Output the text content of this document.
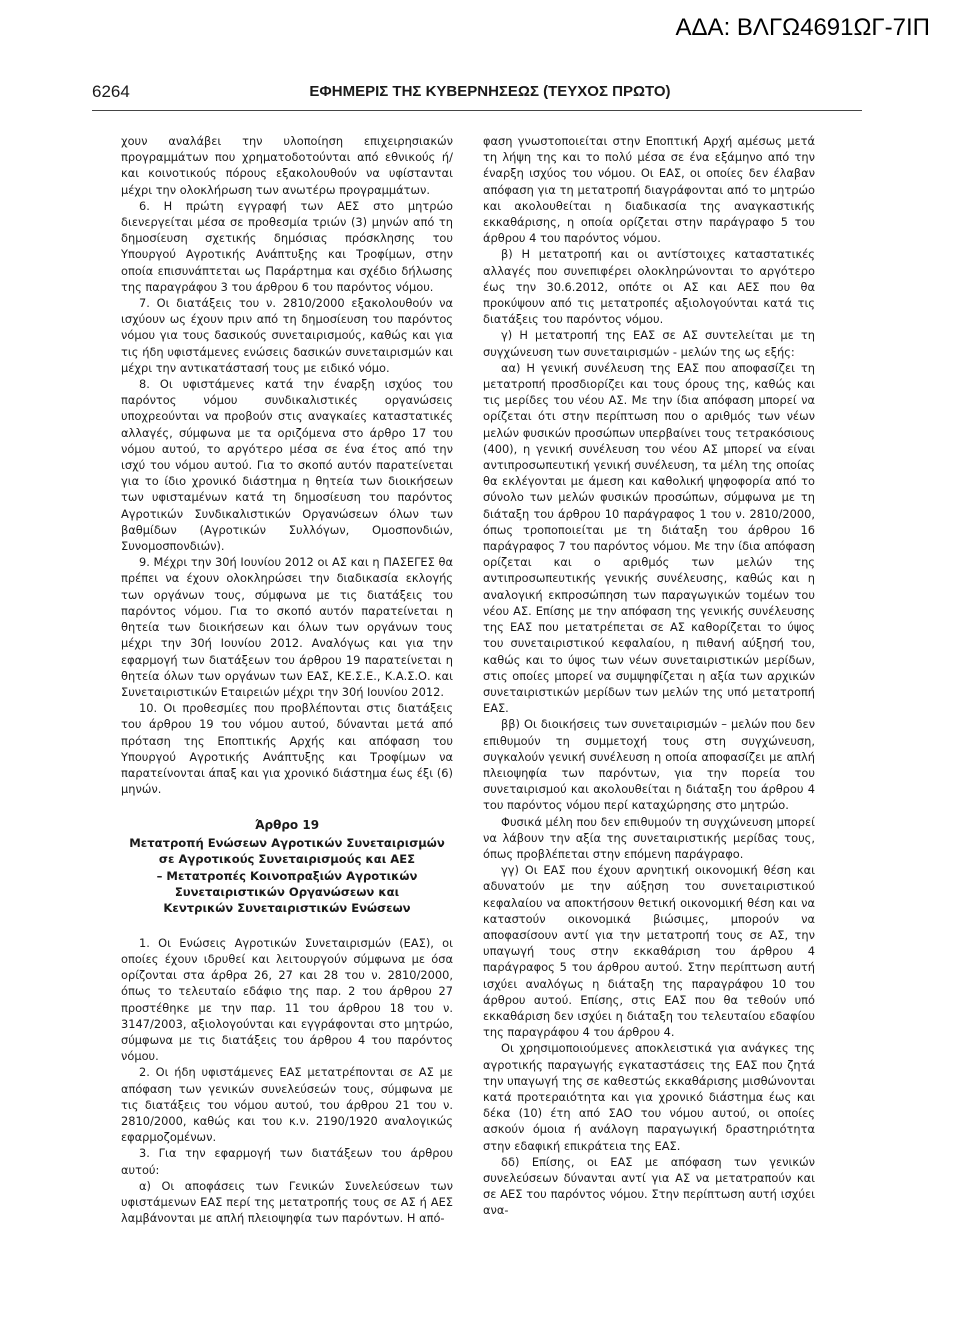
ΑΔΑ: ΒΛΓΩ4691ΩΓ-7ΙΠ
6264	ΕΦΗΜΕΡΙΣ ΤΗΣ ΚΥΒΕΡΝΗΣΕΩΣ (ΤΕΥΧΟΣ ΠΡΩΤΟ)

χουν αναλάβει την υλοποίηση επιχειρησιακών προγραμμάτων που χρηματοδοτούνται από εθνικούς ή/και κοινοτικούς πόρους εξακολουθούν να υφίστανται μέχρι την ολοκλήρωση των ανωτέρω προγραμμάτων.

6. Η πρώτη εγγραφή των ΑΕΣ στο μητρώο διενεργείται μέσα σε προθεσμία τριών (3) μηνών από τη δημοσίευση σχετικής δημόσιας πρόσκλησης του Υπουργού Αγροτικής Ανάπτυξης και Τροφίμων, στην οποία επισυνάπτεται ως Παράρτημα και σχέδιο δήλωσης της παραγράφου 3 του άρθρου 6 του παρόντος νόμου.

7. Οι διατάξεις του ν. 2810/2000 εξακολουθούν να ισχύουν ως έχουν πριν από τη δημοσίευση του παρόντος νόμου για τους δασικούς συνεταιρισμούς, καθώς και για τις ήδη υφιστάμενες ενώσεις δασικών συνεταιρισμών και μέχρι την αντικατάστασή τους με ειδικό νόμο.

8. Οι υφιστάμενες κατά την έναρξη ισχύος του παρόντος νόμου συνδικαλιστικές οργανώσεις υποχρεούνται να προβούν στις αναγκαίες καταστατικές αλλαγές, σύμφωνα με τα οριζόμενα στο άρθρο 17 του νόμου αυτού, το αργότερο μέσα σε ένα έτος από την ισχύ του νόμου αυτού. Για το σκοπό αυτόν παρατείνεται για το ίδιο χρονικό διάστημα η θητεία των διοικήσεων των υφισταμένων κατά τη δημοσίευση του παρόντος Αγροτικών Συνδικαλιστικών Οργανώσεων όλων των βαθμίδων (Αγροτικών Συλλόγων, Ομοσπονδιών, Συνομοσπονδιών).

9. Μέχρι την 30ή Ιουνίου 2012 οι ΑΣ και η ΠΑΣΕΓΕΣ θα πρέπει να έχουν ολοκληρώσει την διαδικασία εκλογής των οργάνων τους, σύμφωνα με τις διατάξεις του παρόντος νόμου. Για το σκοπό αυτόν παρατείνεται η θητεία των διοικήσεων και όλων των οργάνων τους μέχρι την 30ή Ιουνίου 2012. Αναλόγως και για την εφαρμογή των διατάξεων του άρθρου 19 παρατείνεται η θητεία όλων των οργάνων των ΕΑΣ, ΚΕ.Σ.Ε., Κ.Α.Σ.Ο. και Συνεταιριστικών Εταιρειών μέχρι την 30ή Ιουνίου 2012.

10. Οι προθεσμίες που προβλέπονται στις διατάξεις του άρθρου 19 του νόμου αυτού, δύνανται μετά από πρόταση της Εποπτικής Αρχής και απόφαση του Υπουργού Αγροτικής Ανάπτυξης και Τροφίμων να παρατείνονται άπαξ και για χρονικό διάστημα έως έξι (6) μηνών.

Άρθρο 19
Μετατροπή Ενώσεων Αγροτικών Συνεταιρισμών
σε Αγροτικούς Συνεταιρισμούς και ΑΕΣ
– Μετατροπές Κοινοπραξιών Αγροτικών
Συνεταιριστικών Οργανώσεων και
Κεντρικών Συνεταιριστικών Ενώσεων

1. Οι Ενώσεις Αγροτικών Συνεταιρισμών (ΕΑΣ), οι οποίες έχουν ιδρυθεί και λειτουργούν σύμφωνα με όσα ορίζονται στα άρθρα 26, 27 και 28 του ν. 2810/2000, όπως το τελευταίο εδάφιο της παρ. 2 του άρθρου 27 προστέθηκε με την παρ. 11 του άρθρου 18 του ν. 3147/2003, αξιολογούνται και εγγράφονται στο μητρώο, σύμφωνα με τις διατάξεις του άρθρου 4 του παρόντος νόμου.

2. Οι ήδη υφιστάμενες ΕΑΣ μετατρέπονται σε ΑΣ με απόφαση των γενικών συνελεύσεών τους, σύμφωνα με τις διατάξεις του νόμου αυτού, του άρθρου 21 του ν. 2810/2000, καθώς και του κ.ν. 2190/1920 αναλογικώς εφαρμοζομένων.

3. Για την εφαρμογή των διατάξεων του άρθρου αυτού:

α) Οι αποφάσεις των Γενικών Συνελεύσεων των υφιστάμενων ΕΑΣ περί της μετατροπής τους σε ΑΣ ή ΑΕΣ λαμβάνονται με απλή πλειοψηφία των παρόντων. Η από-

φαση γνωστοποιείται στην Εποπτική Αρχή αμέσως μετά τη λήψη της και το πολύ μέσα σε ένα εξάμηνο από την έναρξη ισχύος του νόμου. Οι ΕΑΣ, οι οποίες δεν έλαβαν απόφαση για τη μετατροπή διαγράφονται από το μητρώο και ακολουθείται η διαδικασία της αναγκαστικής εκκαθάρισης, η οποία ορίζεται στην παράγραφο 5 του άρθρου 4 του παρόντος νόμου.

β) Η μετατροπή και οι αντίστοιχες καταστατικές αλλαγές που συνεπιφέρει ολοκληρώνονται το αργότερο έως την 30.6.2012, οπότε οι ΑΣ και ΑΕΣ που θα προκύψουν από τις μετατροπές αξιολογούνται κατά τις διατάξεις του παρόντος νόμου.

γ) Η μετατροπή της ΕΑΣ σε ΑΣ συντελείται με τη συγχώνευση των συνεταιρισμών - μελών της ως εξής:

αα) Η γενική συνέλευση της ΕΑΣ που αποφασίζει τη μετατροπή προσδιορίζει και τους όρους της, καθώς και τις μερίδες του νέου ΑΣ. Με την ίδια απόφαση μπορεί να ορίζεται ότι στην περίπτωση που ο αριθμός των νέων μελών φυσικών προσώπων υπερβαίνει τους τετρακόσιους (400), η γενική συνέλευση του νέου ΑΣ μπορεί να είναι αντιπροσωπευτική γενική συνέλευση, τα μέλη της οποίας θα εκλέγονται με άμεση και καθολική ψηφοφορία από το σύνολο των μελών φυσικών προσώπων, σύμφωνα με τη διάταξη του άρθρου 10 παράγραφος 1 του ν. 2810/2000, όπως τροποποιείται με τη διάταξη του άρθρου 16 παράγραφος 7 του παρόντος νόμου. Με την ίδια απόφαση ορίζεται και ο αριθμός των μελών της αντιπροσωπευτικής γενικής συνέλευσης, καθώς και η αναλογική εκπροσώπηση των παραγωγικών τομέων του νέου ΑΣ. Επίσης με την απόφαση της γενικής συνέλευσης της ΕΑΣ που μετατρέπεται σε ΑΣ καθορίζεται το ύψος του συνεταιριστικού κεφαλαίου, η πιθανή αύξησή του, καθώς και το ύψος των νέων συνεταιριστικών μερίδων, στις οποίες μπορεί να συμψηφίζεται η αξία των αρχικών συνεταιριστικών μερίδων των μελών της υπό μετατροπή ΕΑΣ.

ββ) Οι διοικήσεις των συνεταιρισμών – μελών που δεν επιθυμούν τη συμμετοχή τους στη συγχώνευση, συγκαλούν γενική συνέλευση η οποία αποφασίζει με απλή πλειοψηφία των παρόντων, για την πορεία του συνεταιρισμού και ακολουθείται η διάταξη του άρθρου 4 του παρόντος νόμου περί καταχώρησης στο μητρώο.

Φυσικά μέλη που δεν επιθυμούν τη συγχώνευση μπορεί να λάβουν την αξία της συνεταιριστικής μερίδας τους, όπως προβλέπεται στην επόμενη παράγραφο.

γγ) Οι ΕΑΣ που έχουν αρνητική οικονομική θέση και αδυνατούν με την αύξηση του συνεταιριστικού κεφαλαίου να αποκτήσουν θετική οικονομική θέση και να καταστούν οικονομικά βιώσιμες, μπορούν να αποφασίσουν αντί για την μετατροπή τους σε ΑΣ, την υπαγωγή τους στην εκκαθάριση του άρθρου 4 παράγραφος 5 του άρθρου αυτού. Στην περίπτωση αυτή ισχύει αναλόγως η διάταξη της παραγράφου 10 του άρθρου αυτού. Επίσης, στις ΕΑΣ που θα τεθούν υπό εκκαθάριση δεν ισχύει η διάταξη του τελευταίου εδαφίου της παραγράφου 4 του άρθρου 4.

Οι χρησιμοποιούμενες αποκλειστικά για ανάγκες της αγροτικής παραγωγής εγκαταστάσεις της ΕΑΣ που ζητά την υπαγωγή της σε καθεστώς εκκαθάρισης μισθώνονται κατά προτεραιότητα και για χρονικό διάστημα έως και δέκα (10) έτη από ΣΑΟ του νόμου αυτού, οι οποίες ασκούν όμοια ή ανάλογη παραγωγική δραστηριότητα στην εδαφική επικράτεια της ΕΑΣ.

δδ) Επίσης, οι ΕΑΣ με απόφαση των γενικών συνελεύσεων δύνανται αντί για ΑΣ να μετατραπούν και σε ΑΕΣ του παρόντος νόμου. Στην περίπτωση αυτή ισχύει ανα-
